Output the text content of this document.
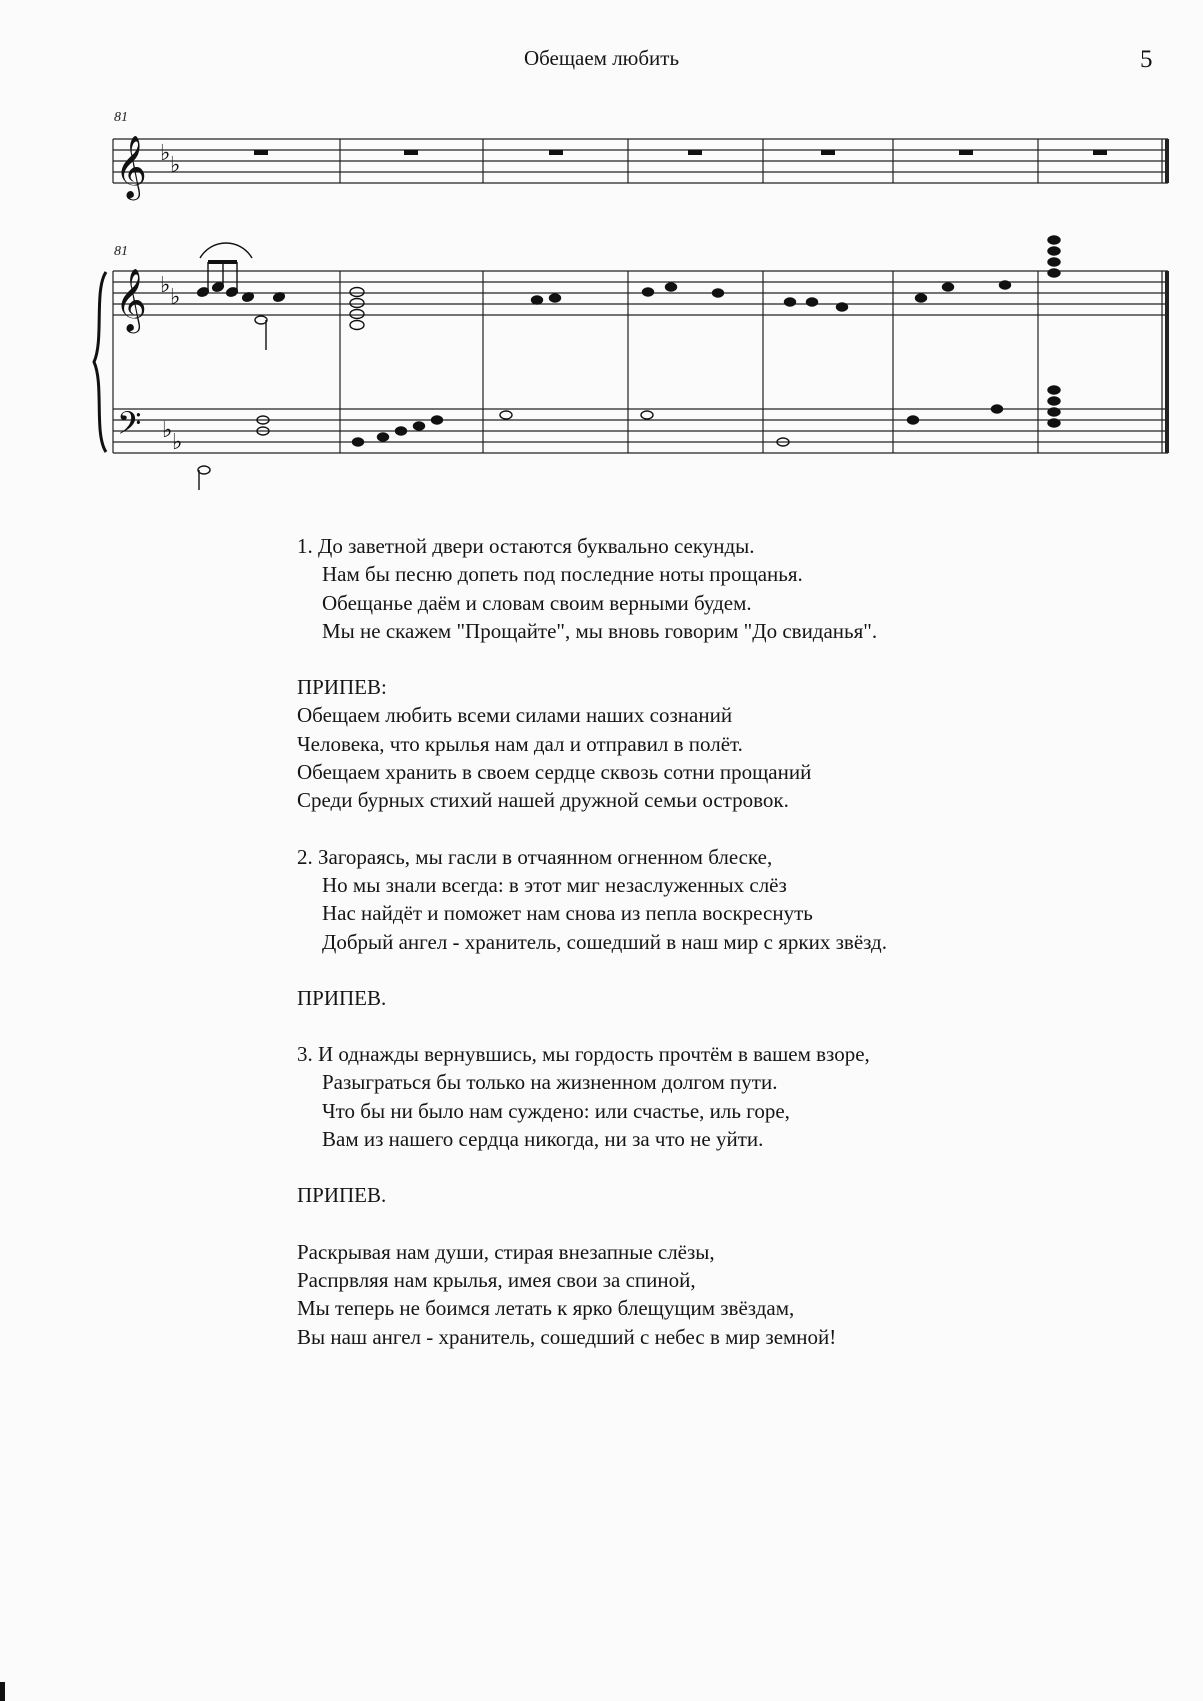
Обещаем любить	5
81
𝄞 ♭ ♭
81
𝄞 ♭ ♭
𝄢 ♭ ♭
1. До заветной двери остаются буквально секунды.
Нам бы песню допеть под последние ноты прощанья.
Обещанье даём и словам своим верными будем.
Мы не скажем "Прощайте", мы вновь говорим "До свиданья".
ПРИПЕВ:
Обещаем любить всеми силами наших сознаний
Человека, что крылья нам дал и отправил в полёт.
Обещаем хранить в своем сердце сквозь сотни прощаний
Среди бурных стихий нашей дружной семьи островок.
2. Загораясь, мы гасли в отчаянном огненном блеске,
Но мы знали всегда: в этот миг незаслуженных слёз
Нас найдёт и поможет нам снова из пепла воскреснуть
Добрый ангел - хранитель, сошедший в наш мир с ярких звёзд.
ПРИПЕВ.
3. И однажды вернувшись, мы гордость прочтём в вашем взоре,
Разыграться бы только на жизненном долгом пути.
Что бы ни было нам суждено: или счастье, иль горе,
Вам из нашего сердца никогда, ни за что не уйти.
ПРИПЕВ.
Раскрывая нам души, стирая внезапные слёзы,
Распрвляя нам крылья, имея свои за спиной,
Мы теперь не боимся летать к ярко блещущим звёздам,
Вы наш ангел - хранитель, сошедший с небес в мир земной!
